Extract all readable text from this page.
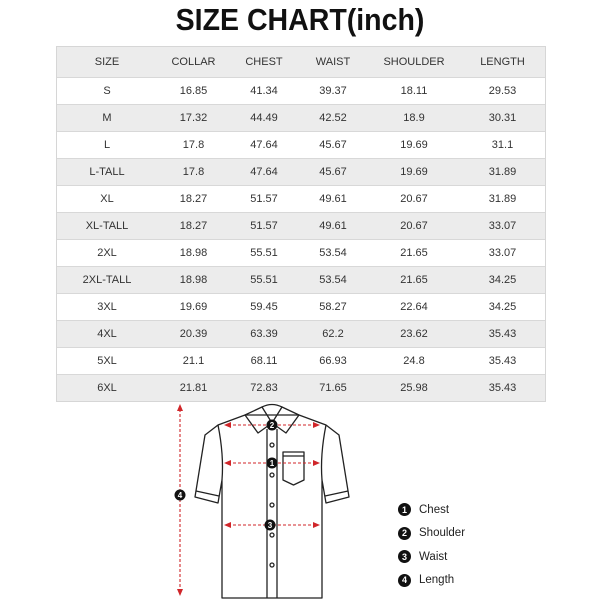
SIZE CHART(inch)
SIZE	COLLAR	CHEST	WAIST	SHOULDER	LENGTH
S	16.85	41.34	39.37	18.11	29.53
M	17.32	44.49	42.52	18.9	30.31
L	17.8	47.64	45.67	19.69	31.1
L-TALL	17.8	47.64	45.67	19.69	31.89
XL	18.27	51.57	49.61	20.67	31.89
XL-TALL	18.27	51.57	49.61	20.67	33.07
2XL	18.98	55.51	53.54	21.65	33.07
2XL-TALL	18.98	55.51	53.54	21.65	34.25
3XL	19.69	59.45	58.27	22.64	34.25
4XL	20.39	63.39	62.2	23.62	35.43
5XL	21.1	68.11	66.93	24.8	35.43
6XL	21.81	72.83	71.65	25.98	35.43
1
2
3
4
1	Chest
2	Shoulder
3	Waist
4	Length
